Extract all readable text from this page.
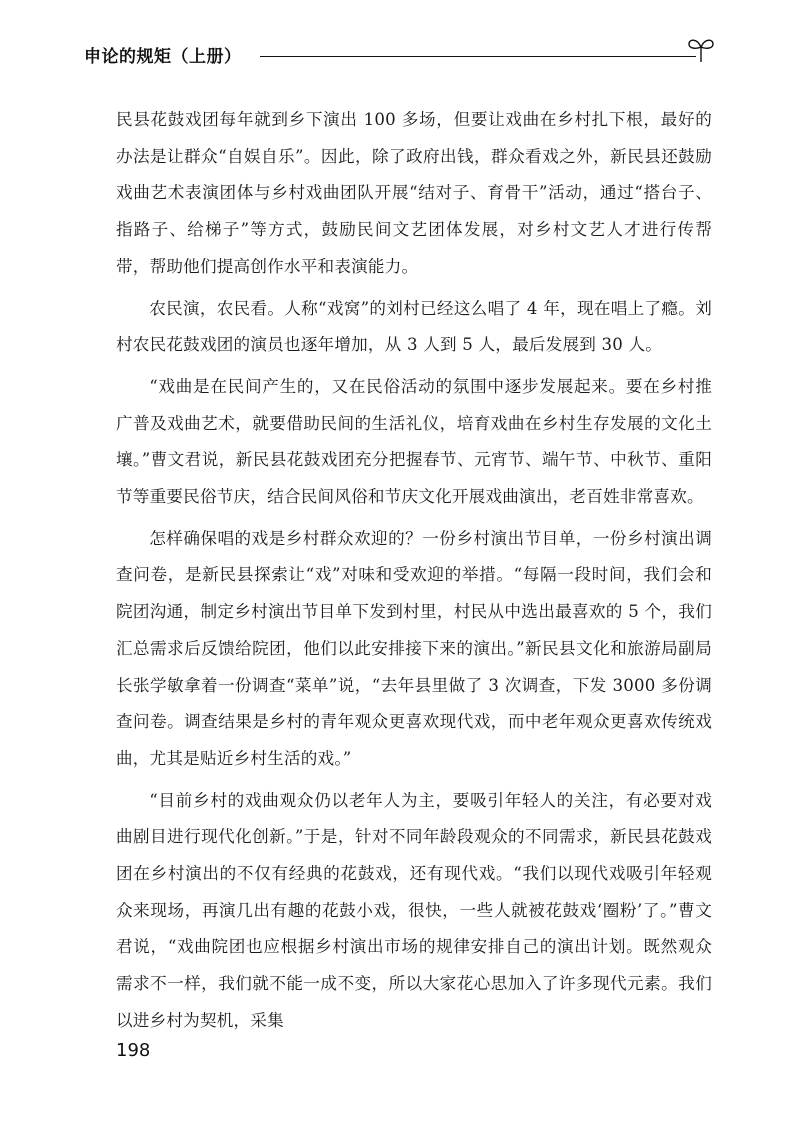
申论的规矩（上册）

民县花鼓戏团每年就到乡下演出 100 多场，但要让戏曲在乡村扎下根，最好的办法是让群众“自娱自乐”。因此，除了政府出钱，群众看戏之外，新民县还鼓励戏曲艺术表演团体与乡村戏曲团队开展“结对子、育骨干”活动，通过“搭台子、指路子、给梯子”等方式，鼓励民间文艺团体发展，对乡村文艺人才进行传帮带，帮助他们提高创作水平和表演能力。

农民演，农民看。人称“戏窝”的刘村已经这么唱了 4 年，现在唱上了瘾。刘村农民花鼓戏团的演员也逐年增加，从 3 人到 5 人，最后发展到 30 人。

“戏曲是在民间产生的，又在民俗活动的氛围中逐步发展起来。要在乡村推广普及戏曲艺术，就要借助民间的生活礼仪，培育戏曲在乡村生存发展的文化土壤。”曹文君说，新民县花鼓戏团充分把握春节、元宵节、端午节、中秋节、重阳节等重要民俗节庆，结合民间风俗和节庆文化开展戏曲演出，老百姓非常喜欢。

怎样确保唱的戏是乡村群众欢迎的？一份乡村演出节目单，一份乡村演出调查问卷，是新民县探索让“戏”对味和受欢迎的举措。“每隔一段时间，我们会和院团沟通，制定乡村演出节目单下发到村里，村民从中选出最喜欢的 5 个，我们汇总需求后反馈给院团，他们以此安排接下来的演出。”新民县文化和旅游局副局长张学敏拿着一份调查“菜单”说，“去年县里做了 3 次调查，下发 3000 多份调查问卷。调查结果是乡村的青年观众更喜欢现代戏，而中老年观众更喜欢传统戏曲，尤其是贴近乡村生活的戏。”

“目前乡村的戏曲观众仍以老年人为主，要吸引年轻人的关注，有必要对戏曲剧目进行现代化创新。”于是，针对不同年龄段观众的不同需求，新民县花鼓戏团在乡村演出的不仅有经典的花鼓戏，还有现代戏。“我们以现代戏吸引年轻观众来现场，再演几出有趣的花鼓小戏，很快，一些人就被花鼓戏‘圈粉’了。”曹文君说，“戏曲院团也应根据乡村演出市场的规律安排自己的演出计划。既然观众需求不一样，我们就不能一成不变，所以大家花心思加入了许多现代元素。我们以进乡村为契机，采集

198
